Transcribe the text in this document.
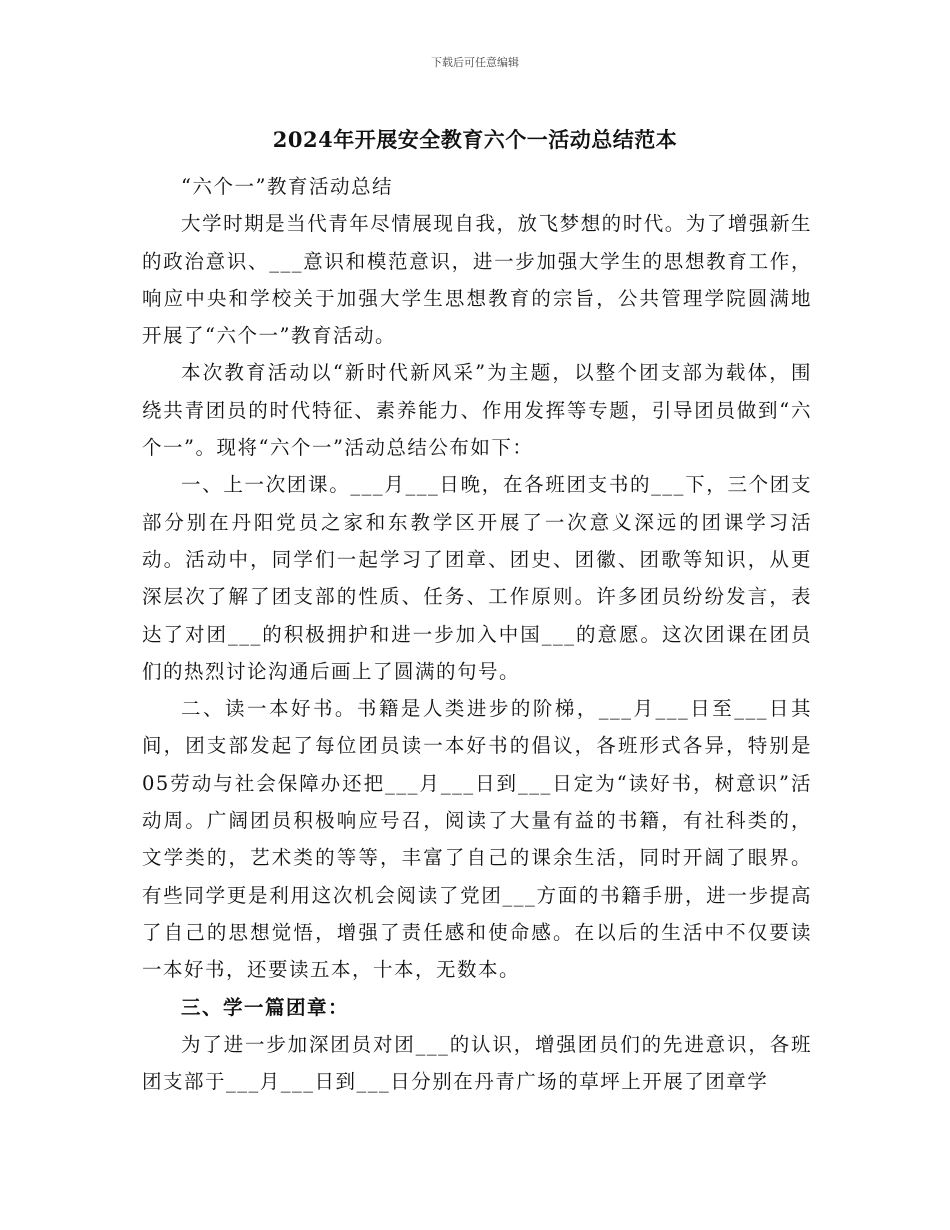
下载后可任意编辑
2024年开展安全教育六个一活动总结范本

“六个一”教育活动总结

大学时期是当代青年尽情展现自我，放飞梦想的时代。为了增强新生的政治意识、___意识和模范意识，进一步加强大学生的思想教育工作，响应中央和学校关于加强大学生思想教育的宗旨，公共管理学院圆满地开展了“六个一”教育活动。

本次教育活动以“新时代新风采”为主题，以整个团支部为载体，围绕共青团员的时代特征、素养能力、作用发挥等专题，引导团员做到“六个一”。现将“六个一”活动总结公布如下：

一、上一次团课。___月___日晚，在各班团支书的___下，三个团支部分别在丹阳党员之家和东教学区开展了一次意义深远的团课学习活动。活动中，同学们一起学习了团章、团史、团徽、团歌等知识，从更深层次了解了团支部的性质、任务、工作原则。许多团员纷纷发言，表达了对团___的积极拥护和进一步加入中国___的意愿。这次团课在团员们的热烈讨论沟通后画上了圆满的句号。

二、读一本好书。书籍是人类进步的阶梯，___月___日至___日其间，团支部发起了每位团员读一本好书的倡议，各班形式各异，特别是05劳动与社会保障办还把___月___日到___日定为“读好书，树意识”活动周。广阔团员积极响应号召，阅读了大量有益的书籍，有社科类的，文学类的，艺术类的等等，丰富了自己的课余生活，同时开阔了眼界。有些同学更是利用这次机会阅读了党团___方面的书籍手册，进一步提高了自己的思想觉悟，增强了责任感和使命感。在以后的生活中不仅要读一本好书，还要读五本，十本，无数本。

三、学一篇团章：

为了进一步加深团员对团___的认识，增强团员们的先进意识，各班团支部于___月___日到___日分别在丹青广场的草坪上开展了团章学
